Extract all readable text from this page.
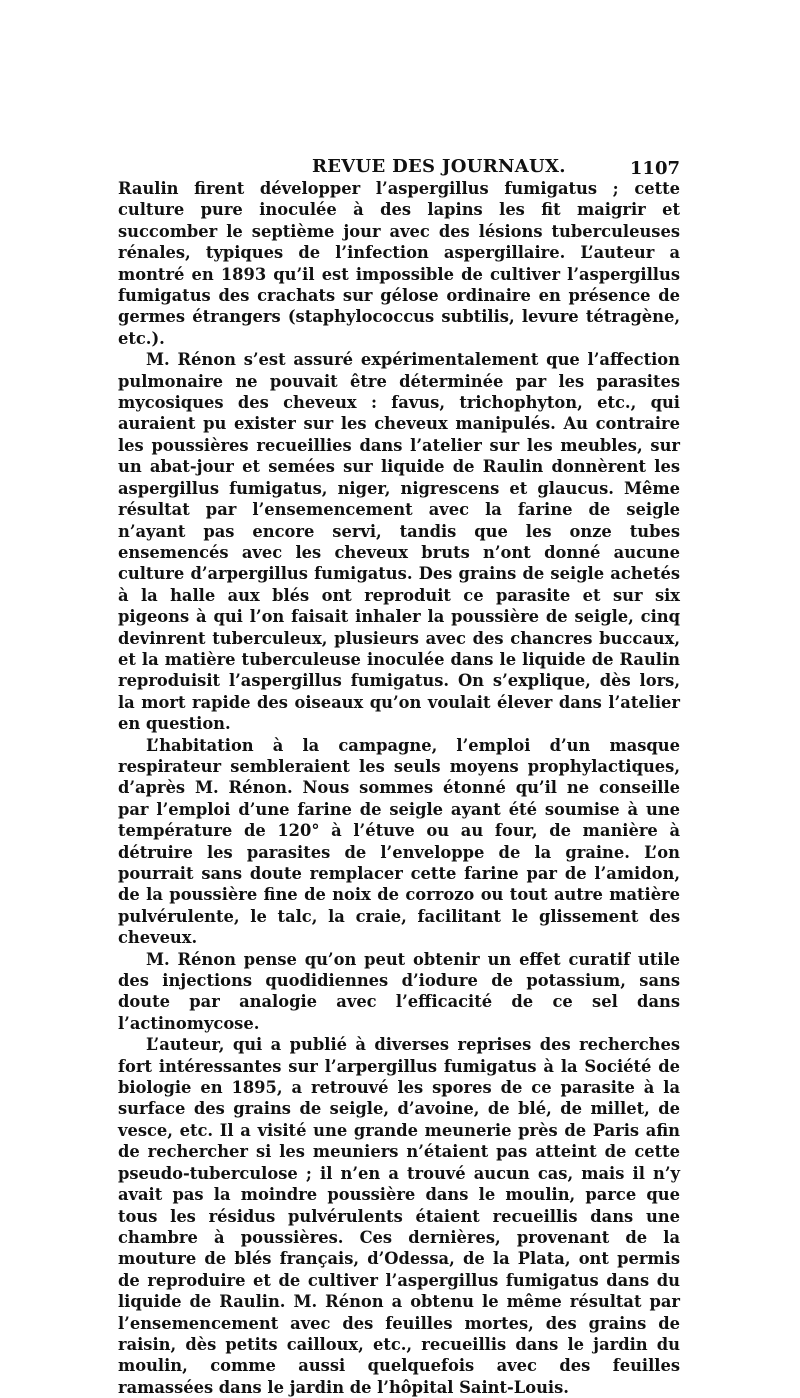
REVUE DES JOURNAUX.	1107

Raulin firent développer l’aspergillus fumigatus ; cette culture pure inoculée à des lapins les fit maigrir et succomber le septième jour avec des lésions tuberculeuses rénales, typiques de l’infection aspergillaire. L’auteur a montré en 1893 qu’il est impossible de cultiver l’aspergillus fumigatus des crachats sur gélose ordinaire en présence de germes étrangers (staphylococcus subtilis, levure tétragène, etc.).

M. Rénon s’est assuré expérimentalement que l’affection pulmonaire ne pouvait être déterminée par les parasites mycosiques des cheveux : favus, trichophyton, etc., qui auraient pu exister sur les cheveux manipulés. Au contraire les poussières recueillies dans l’atelier sur les meubles, sur un abat-jour et semées sur liquide de Raulin donnèrent les aspergillus fumigatus, niger, nigrescens et glaucus. Même résultat par l’ensemencement avec la farine de seigle n’ayant pas encore servi, tandis que les onze tubes ensemencés avec les cheveux bruts n’ont donné aucune culture d’arpergillus fumigatus. Des grains de seigle achetés à la halle aux blés ont reproduit ce parasite et sur six pigeons à qui l’on faisait inhaler la poussière de seigle, cinq devinrent tuberculeux, plusieurs avec des chancres buccaux, et la matière tuberculeuse inoculée dans le liquide de Raulin reproduisit l’aspergillus fumigatus. On s’explique, dès lors, la mort rapide des oiseaux qu’on voulait élever dans l’atelier en question.

L’habitation à la campagne, l’emploi d’un masque respirateur sembleraient les seuls moyens prophylactiques, d’après M. Rénon. Nous sommes étonné qu’il ne conseille par l’emploi d’une farine de seigle ayant été soumise à une température de 120° à l’étuve ou au four, de manière à détruire les parasites de l’enveloppe de la graine. L’on pourrait sans doute remplacer cette farine par de l’amidon, de la poussière fine de noix de corrozo ou tout autre matière pulvérulente, le talc, la craie, facilitant le glissement des cheveux.

M. Rénon pense qu’on peut obtenir un effet curatif utile des injections quodidiennes d’iodure de potassium, sans doute par analogie avec l’efficacité de ce sel dans l’actinomycose.

L’auteur, qui a publié à diverses reprises des recherches fort intéressantes sur l’arpergillus fumigatus à la Société de biologie en 1895, a retrouvé les spores de ce parasite à la surface des grains de seigle, d’avoine, de blé, de millet, de vesce, etc. Il a visité une grande meunerie près de Paris afin de rechercher si les meuniers n’étaient pas atteint de cette pseudo-tuberculose ; il n’en a trouvé aucun cas, mais il n’y avait pas la moindre poussière dans le moulin, parce que tous les résidus pulvérulents étaient recueillis dans une chambre à poussières. Ces dernières, provenant de la mouture de blés français, d’Odessa, de la Plata, ont permis de reproduire et de cultiver l’aspergillus fumigatus dans du liquide de Raulin. M. Rénon a obtenu le même résultat par l’ensemencement avec des feuilles mortes, des grains de raisin, dès petits cailloux, etc., recueillis dans le jardin du moulin, comme aussi quelquefois avec des feuilles ramassées dans le jardin de l’hôpital Saint-Louis.
